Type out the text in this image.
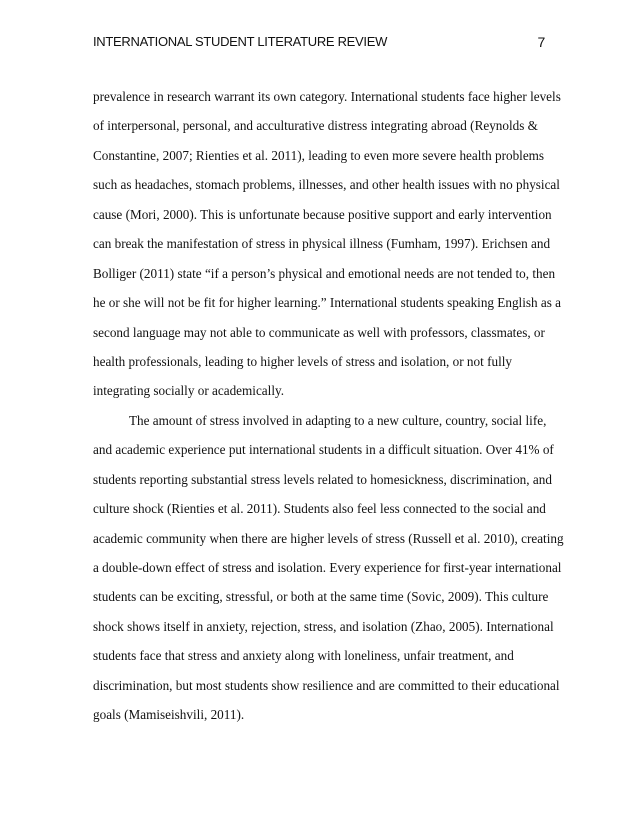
INTERNATIONAL STUDENT LITERATURE REVIEW	7
prevalence in research warrant its own category. International students face higher levels
of interpersonal, personal, and acculturative distress integrating abroad (Reynolds &
Constantine, 2007; Rienties et al. 2011), leading to even more severe health problems
such as headaches, stomach problems, illnesses, and other health issues with no physical
cause (Mori, 2000). This is unfortunate because positive support and early intervention
can break the manifestation of stress in physical illness (Fumham, 1997). Erichsen and
Bolliger (2011) state “if a person’s physical and emotional needs are not tended to, then
he or she will not be fit for higher learning.” International students speaking English as a
second language may not able to communicate as well with professors, classmates, or
health professionals, leading to higher levels of stress and isolation, or not fully
integrating socially or academically.
The amount of stress involved in adapting to a new culture, country, social life,
and academic experience put international students in a difficult situation. Over 41% of
students reporting substantial stress levels related to homesickness, discrimination, and
culture shock (Rienties et al. 2011). Students also feel less connected to the social and
academic community when there are higher levels of stress (Russell et al. 2010), creating
a double-down effect of stress and isolation. Every experience for first-year international
students can be exciting, stressful, or both at the same time (Sovic, 2009). This culture
shock shows itself in anxiety, rejection, stress, and isolation (Zhao, 2005). International
students face that stress and anxiety along with loneliness, unfair treatment, and
discrimination, but most students show resilience and are committed to their educational
goals (Mamiseishvili, 2011).
